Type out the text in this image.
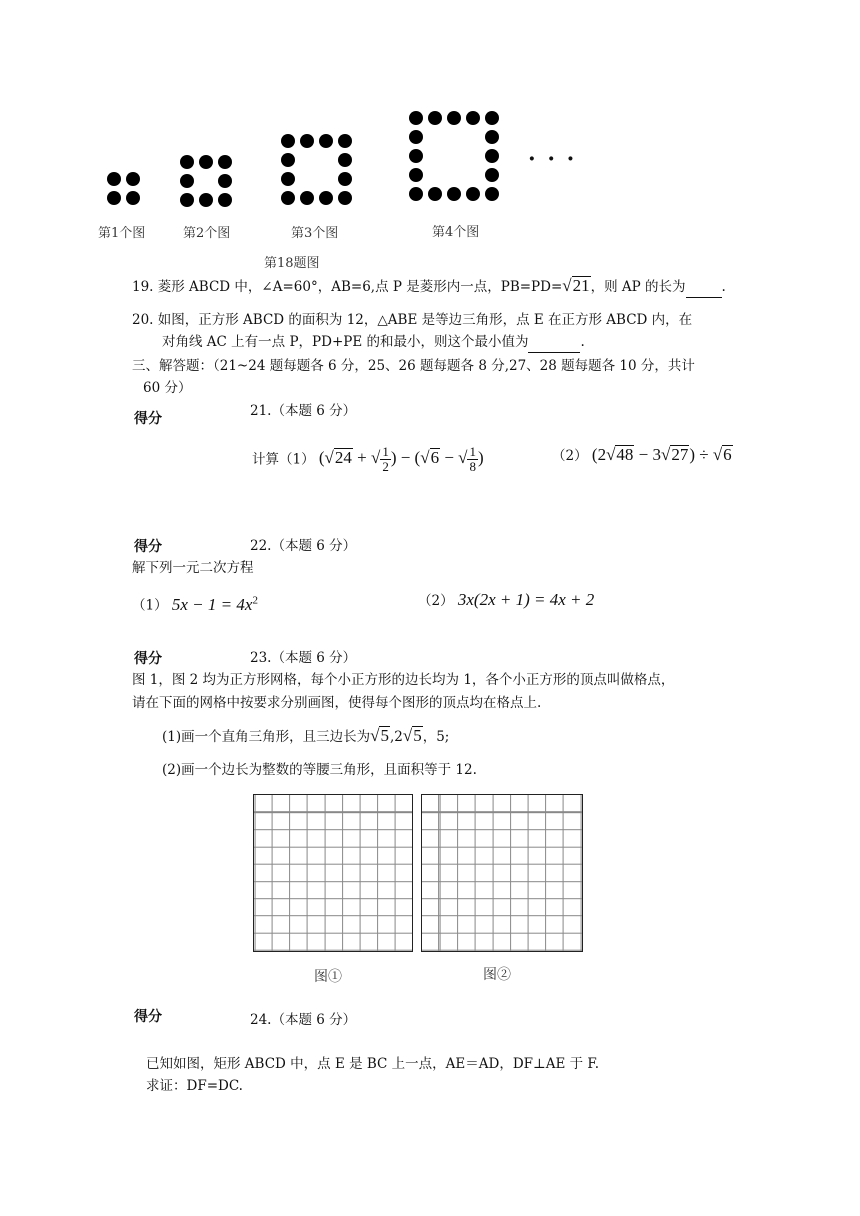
· · ·
第1个图	第2个图	第3个图	第4个图
第18题图
19. 菱形 ABCD 中，∠A=60°，AB=6,点 P 是菱形内一点，PB=PD=√21，则 AP 的长为	.
20. 如图，正方形 ABCD 的面积为 12，△ABE 是等边三角形，点 E 在正方形 ABCD 内，在
对角线 AC 上有一点 P，PD+PE 的和最小，则这个最小值为	.
三、解答题：（21~24 题每题各 6 分，25、26 题每题各 8 分,27、28 题每题各 10 分，共计
60 分）
得分	21.（本题 6 分）
计算（1） (√24 + √ $\frac{1}{2}$ ) − (√6 − √ $\frac{1}{8}$ )	（2） (2√48 − 3√27) ÷ √6
得分	22.（本题 6 分）
解下列一元二次方程
（1） $5x - 1 = 4x^2$	（2） 3x(2x + 1) = 4x + 2
得分	23.（本题 6 分）
图 1，图 2 均为正方形网格，每个小正方形的边长均为 1，各个小正方形的顶点叫做格点，
请在下面的网格中按要求分别画图，使得每个图形的顶点均在格点上.
(1)画一个直角三角形，且三边长为√5,2√5，5;
(2)画一个边长为整数的等腰三角形，且面积等于 12.
图①	图②
得分	24.（本题 6 分）
已知如图，矩形 ABCD 中，点 E 是 BC 上一点，AE＝AD，DF⊥AE 于 F.
求证：DF=DC.
